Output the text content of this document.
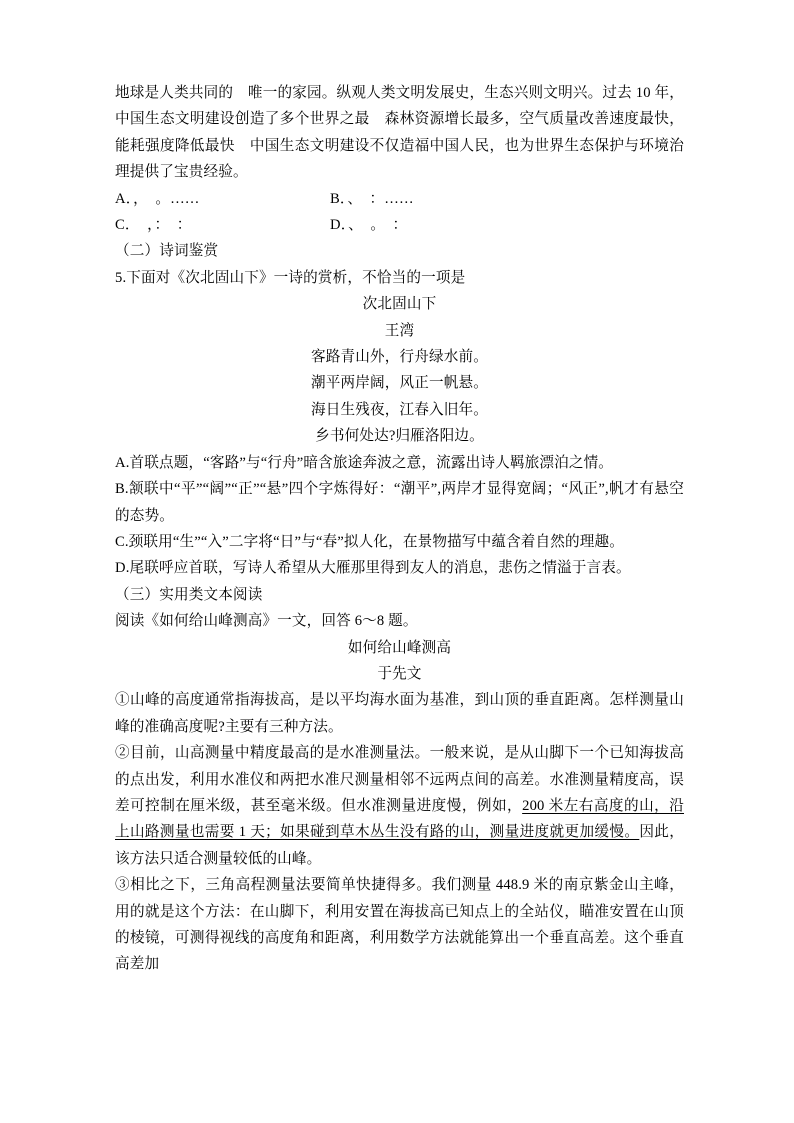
地球是人类共同的　唯一的家园。纵观人类文明发展史，生态兴则文明兴。过去 10 年，中国生态文明建设创造了多个世界之最　森林资源增长最多，空气质量改善速度最快，能耗强度降低最快　中国生态文明建设不仅造福中国人民，也为世界生态保护与环境治理提供了宝贵经验。

A．，　。……	B．、　：……
C．　，：　：	D．、　。　：

（二）诗词鉴赏

5.下面对《次北固山下》一诗的赏析，不恰当的一项是

次北固山下

王湾

客路青山外，行舟绿水前。

潮平两岸阔，风正一帆悬。

海日生残夜，江春入旧年。

乡书何处达?归雁洛阳边。

A.首联点题，“客路”与“行舟”暗含旅途奔波之意，流露出诗人羁旅漂泊之情。

B.颔联中“平”“阔”“正”“悬”四个字炼得好：“潮平”,两岸才显得宽阔；“风正”,帆才有悬空的态势。

C.颈联用“生”“入”二字将“日”与“春”拟人化，在景物描写中蕴含着自然的理趣。

D.尾联呼应首联，写诗人希望从大雁那里得到友人的消息，悲伤之情溢于言表。

（三）实用类文本阅读

阅读《如何给山峰测高》一文，回答 6～8 题。

如何给山峰测高

于先文

①山峰的高度通常指海拔高，是以平均海水面为基准，到山顶的垂直距离。怎样测量山峰的准确高度呢?主要有三种方法。

②目前，山高测量中精度最高的是水准测量法。一般来说，是从山脚下一个已知海拔高的点出发，利用水准仪和两把水准尺测量相邻不远两点间的高差。水准测量精度高，误差可控制在厘米级，甚至毫米级。但水准测量进度慢，例如，200 米左右高度的山，沿上山路测量也需要 1 天；如果碰到草木丛生没有路的山，测量进度就更加缓慢。因此，该方法只适合测量较低的山峰。

③相比之下，三角高程测量法要简单快捷得多。我们测量 448.9 米的南京紫金山主峰，用的就是这个方法：在山脚下，利用安置在海拔高已知点上的全站仪，瞄准安置在山顶的棱镜，可测得视线的高度角和距离，利用数学方法就能算出一个垂直高差。这个垂直高差加
